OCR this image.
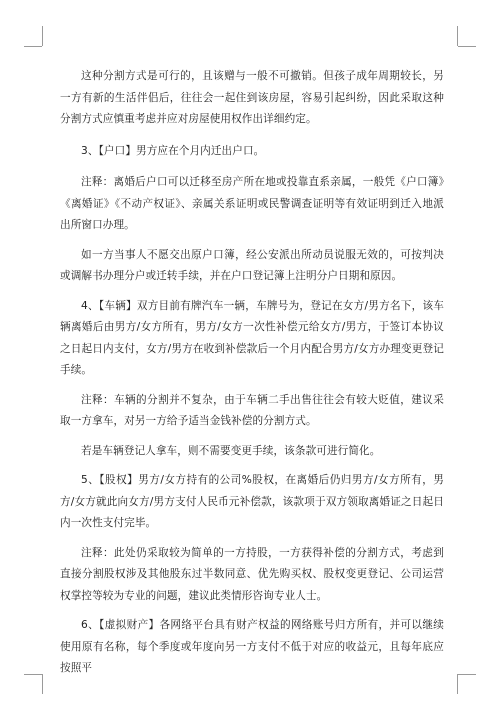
这种分割方式是可行的，且该赠与一般不可撤销。但孩子成年周期较长，另一方有新的生活伴侣后，往往会一起住到该房屋，容易引起纠纷，因此采取这种分割方式应慎重考虑并应对房屋使用权作出详细约定。

3、【户口】男方应在个月内迁出户口。

注释：离婚后户口可以迁移至房产所在地或投靠直系亲属，一般凭《户口簿》《离婚证》《不动产权证》、亲属关系证明或民警调查证明等有效证明到迁入地派出所窗口办理。

如一方当事人不愿交出原户口簿，经公安派出所动员说服无效的，可按判决或调解书办理分户或迁转手续，并在户口登记簿上注明分户日期和原因。

4、【车辆】双方目前有牌汽车一辆，车牌号为，登记在女方/男方名下，该车辆离婚后由男方/女方所有，男方/女方一次性补偿元给女方/男方，于签订本协议之日起日内支付，女方/男方在收到补偿款后一个月内配合男方/女方办理变更登记手续。

注释：车辆的分割并不复杂，由于车辆二手出售往往会有较大贬值，建议采取一方拿车，对另一方给予适当金钱补偿的分割方式。

若是车辆登记人拿车，则不需要变更手续，该条款可进行简化。

5、【股权】男方/女方持有的公司%股权，在离婚后仍归男方/女方所有，男方/女方就此向女方/男方支付人民币元补偿款，该款项于双方领取离婚证之日起日内一次性支付完毕。

注释：此处仍采取较为简单的一方持股，一方获得补偿的分割方式，考虑到直接分割股权涉及其他股东过半数同意、优先购买权、股权变更登记、公司运营权掌控等较为专业的问题，建议此类情形咨询专业人士。

6、【虚拟财产】各网络平台具有财产权益的网络账号归方所有，并可以继续使用原有名称，每个季度或年度向另一方支付不低于对应的收益元，且每年底应按照平
